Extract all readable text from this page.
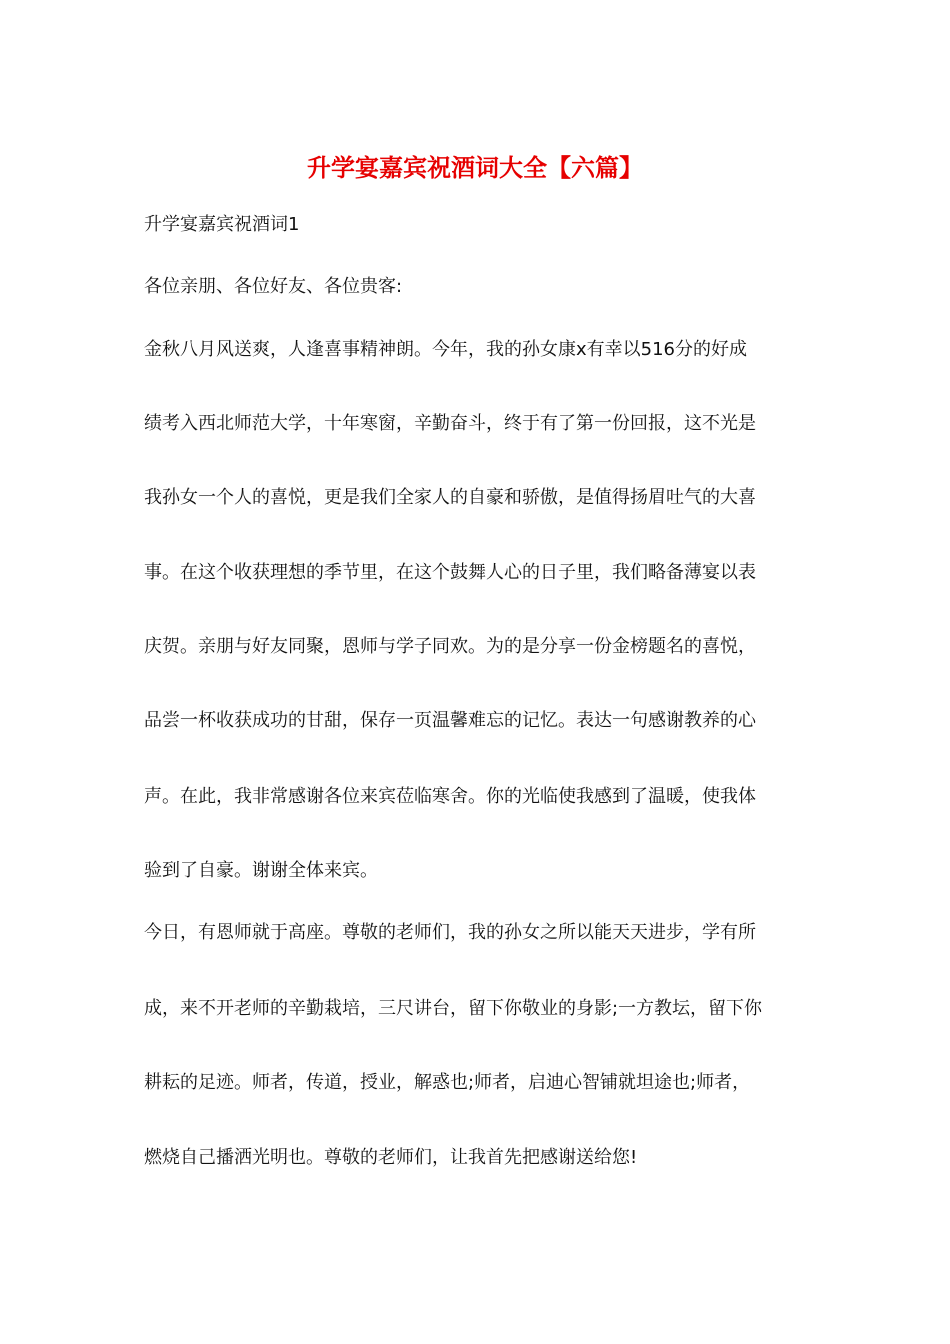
升学宴嘉宾祝酒词大全【六篇】
升学宴嘉宾祝酒词1
各位亲朋、各位好友、各位贵客:
金秋八月风送爽，人逢喜事精神朗。今年，我的孙女康x有幸以516分的好成
绩考入西北师范大学，十年寒窗，辛勤奋斗，终于有了第一份回报，这不光是
我孙女一个人的喜悦，更是我们全家人的自豪和骄傲，是值得扬眉吐气的大喜
事。在这个收获理想的季节里，在这个鼓舞人心的日子里，我们略备薄宴以表
庆贺。亲朋与好友同聚，恩师与学子同欢。为的是分享一份金榜题名的喜悦，
品尝一杯收获成功的甘甜，保存一页温馨难忘的记忆。表达一句感谢教养的心
声。在此，我非常感谢各位来宾莅临寒舍。你的光临使我感到了温暖，使我体
验到了自豪。谢谢全体来宾。
今日，有恩师就于高座。尊敬的老师们，我的孙女之所以能天天进步，学有所
成，来不开老师的辛勤栽培，三尺讲台，留下你敬业的身影;一方教坛，留下你
耕耘的足迹。师者，传道，授业，解惑也;师者，启迪心智铺就坦途也;师者，
燃烧自己播洒光明也。尊敬的老师们，让我首先把感谢送给您!
